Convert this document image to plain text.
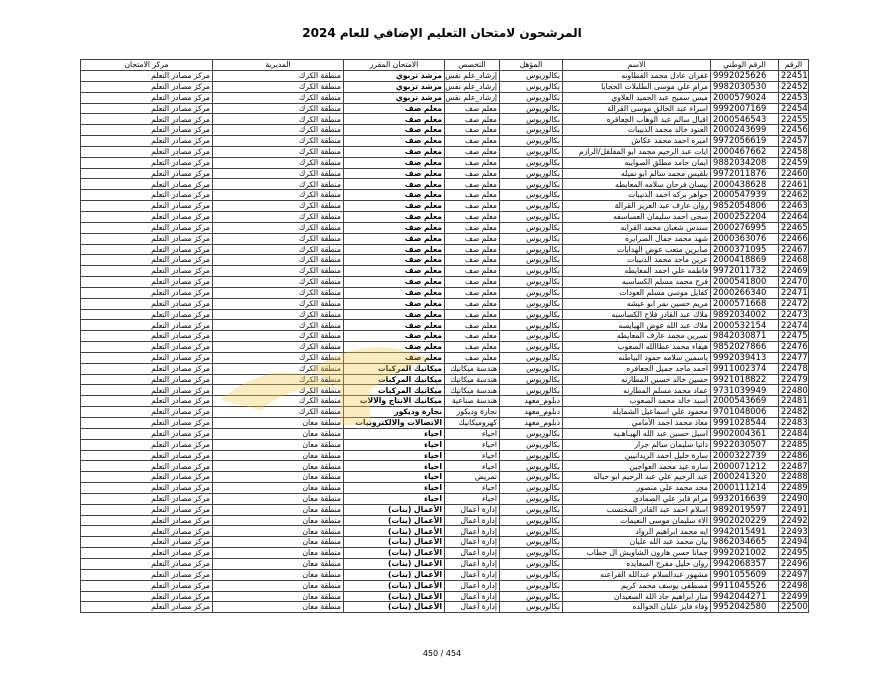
المرشحون لامتحان التعليم الإضافي للعام 2024
الرقم	الرقم الوطني	الاسم	المؤهل	التخصص	الامتحان المقرر	المديرية	مركز الامتحان
22451	9992025626	غفران عادل محمد القطاونه	بكالوريوس	إرشاد_علم نفس	مرشد تربوي	منطقة الكرك	مركز مصادر التعلم
22452	9982030530	مرام علي موسى الطلبلات الحجايا	بكالوريوس	إرشاد_علم نفس	مرشد تربوي	منطقة الكرك	مركز مصادر التعلم
22453	2000579024	ميس سميح عبد الحميد العلاوي	بكالوريوس	إرشاد_علم نفس	مرشد تربوي	منطقة الكرك	مركز مصادر التعلم
22454	9992007169	اسراء عبد الخالق موسى القرالة	بكالوريوس	معلم صف	معلم صف	منطقة الكرك	مركز مصادر التعلم
22455	2000546543	اقبال سالم عبد الوهاب الجعافره	بكالوريوس	معلم صف	معلم صف	منطقة الكرك	مركز مصادر التعلم
22456	2000243699	العنود خالد محمد الذنيبات	بكالوريوس	معلم صف	معلم صف	منطقة الكرك	مركز مصادر التعلم
22457	9972056619	اميره احمد محمد عكاش	بكالوريوس	معلم صف	معلم صف	منطقة الكرك	مركز مصادر التعلم
22458	2000467662	ايات عبد الرحيم محمد ابو المفلقل/الرازم	بكالوريوس	معلم صف	معلم صف	منطقة الكرك	مركز مصادر التعلم
22459	9882034208	ايمان حامد مطلق الصوايبه	بكالوريوس	معلم صف	معلم صف	منطقة الكرك	مركز مصادر التعلم
22460	9972011876	بلقيس محمد سالم ابو نميله	بكالوريوس	معلم صف	معلم صف	منطقة الكرك	مركز مصادر التعلم
22461	2000438628	بيسان فرحان سلامه المعايطه	بكالوريوس	معلم صف	معلم صف	منطقة الكرك	مركز مصادر التعلم
22462	2000547939	جواهر بركه احمد الذنيبات	بكالوريوس	معلم صف	معلم صف	منطقة الكرك	مركز مصادر التعلم
22463	9852054806	روان عارف عبد العزيز القرالة	بكالوريوس	معلم صف	معلم صف	منطقة الكرك	مركز مصادر التعلم
22464	2000252204	سجى احمد سليمان العساسفه	بكالوريوس	معلم صف	معلم صف	منطقة الكرك	مركز مصادر التعلم
22465	2000276995	سندس شعبان محمد القرايه	بكالوريوس	معلم صف	معلم صف	منطقة الكرك	مركز مصادر التعلم
22466	2000363076	شهد محمد جمال الصرايره	بكالوريوس	معلم صف	معلم صف	منطقة الكرك	مركز مصادر التعلم
22467	2000371095	صابرين متعب عوض الهدايات	بكالوريوس	معلم صف	معلم صف	منطقة الكرك	مركز مصادر التعلم
22468	2000418869	عرين ماجد محمد الذنيبات	بكالوريوس	معلم صف	معلم صف	منطقة الكرك	مركز مصادر التعلم
22469	9972011732	فاطمه علي احمد المعايطه	بكالوريوس	معلم صف	معلم صف	منطقة الكرك	مركز مصادر التعلم
22470	2000541800	فرح محمد مسلم الكساسبه	بكالوريوس	معلم صف	معلم صف	منطقة الكرك	مركز مصادر التعلم
22471	2000266340	كفايل موسى مسلم العودات	بكالوريوس	معلم صف	معلم صف	منطقة الكرك	مركز مصادر التعلم
22472	2000571668	مريم حسين نمر ابو عيشه	بكالوريوس	معلم صف	معلم صف	منطقة الكرك	مركز مصادر التعلم
22473	9892034002	ملاك عبد القادر فلاح الكساسبه	بكالوريوس	معلم صف	معلم صف	منطقة الكرك	مركز مصادر التعلم
22474	2000532154	ملاك عبد الله عوض الهيايسه	بكالوريوس	معلم صف	معلم صف	منطقة الكرك	مركز مصادر التعلم
22475	9842030871	نسرين محمد عارف المعايطه	بكالوريوس	معلم صف	معلم صف	منطقة الكرك	مركز مصادر التعلم
22476	9852027866	هيفاء محمد عطاالله الصعوب	بكالوريوس	معلم صف	معلم صف	منطقة الكرك	مركز مصادر التعلم
22477	9992039413	ياسمين سلامه حمود البياطنه	بكالوريوس	معلم صف	معلم صف	منطقة الكرك	مركز مصادر التعلم
22478	9911002374	احمد ماجد جميل الجعافره	بكالوريوس	هندسة ميكانيك	ميكانيك المركبات	منطقة الكرك	مركز مصادر التعلم
22479	9921018822	حسين خالد حسين المطارنه	بكالوريوس	هندسة ميكانيك	ميكانيك المركبات	منطقة الكرك	مركز مصادر التعلم
22480	9731039949	عماد محمد مسلم المطارنه	بكالوريوس	هندسة ميكانيك	ميكانيك المركبات	منطقة الكرك	مركز مصادر التعلم
22481	2000543669	أسيد خالد محمد الصعوب	دبلوم_معهد	هندسة صناعية	ميكانيك الانتاج والالات	منطقة الكرك	مركز مصادر التعلم
22482	9701048006	محمود علي اسماعيل الشمايله	دبلوم_معهد	تجارة وديكور	نجارة وديكور	منطقة الكرك	مركز مصادر التعلم
22483	9991028544	معاذ محمد احمد الأمامي	دبلوم_معهد	كهروميكانيك	الاتصالات والالكترونيات	منطقة معان	مركز مصادر التعلم
22484	9902004361	اسيل حسين عبد الله الهيـاهـيه	بكالوريوس	احياء	احياء	منطقة معان	مركز مصادر التعلم
22485	9922030507	دانيا سليمان سالم جرار	بكالوريوس	احياء	احياء	منطقة معان	مركز مصادر التعلم
22486	2000322739	سارة خليل احمد الزيدانيين	بكالوريوس	احياء	احياء	منطقة معان	مركز مصادر التعلم
22487	2000071212	ساره عيد محمد العواجين	بكالوريوس	احياء	احياء	منطقة معان	مركز مصادر التعلم
22488	2000241320	عبد الرحيم علي عبد الرحيم ابو حياله	بكالوريوس	تمريض	احياء	منطقة معان	مركز مصادر التعلم
22489	2000111214	مجد محمد علي منصور	بكالوريوس	احياء	احياء	منطقة معان	مركز مصادر التعلم
22490	9932016639	مرام فايز علي الصمادي	بكالوريوس	احياء	احياء	منطقة معان	مركز مصادر التعلم
22491	9892019597	اسلام احمد عبد القادر المحتسب	بكالوريوس	إدارة أعمال	الأعمال (بنات)	منطقة معان	مركز مصادر التعلم
22492	9902020229	الاء سليمان موسى النعيمات	بكالوريوس	إدارة أعمال	الأعمال (بنات)	منطقة معان	مركز مصادر التعلم
22493	9942015491	ايه محمد ابراهيم الرواد	بكالوريوس	إدارة أعمال	الأعمال (بنات)	منطقة معان	مركز مصادر التعلم
22494	9862034665	بيان محمد عبد الله عليان	بكالوريوس	إدارة أعمال	الأعمال (بنات)	منطقة معان	مركز مصادر التعلم
22495	9992021002	جمانا حسن هارون الشاويش ال خطاب	بكالوريوس	إدارة أعمال	الأعمال (بنات)	منطقة معان	مركز مصادر التعلم
22496	9942068357	روان خليل مفرح السعايده	بكالوريوس	إدارة أعمال	الأعمال (بنات)	منطقة معان	مركز مصادر التعلم
22497	9901055609	مشهور عبدالسلام عبدالله القراعنه	بكالوريوس	إدارة أعمال	الأعمال (بنات)	منطقة معان	مركز مصادر التعلم
22498	9911045526	مصطفى يوسف محمد كريم	بكالوريوس	إدارة أعمال	الأعمال (بنات)	منطقة معان	مركز مصادر التعلم
22499	9942044271	منار ابراهيم جاد الله السعيدان	بكالوريوس	إدارة أعمال	الأعمال (بنات)	منطقة معان	مركز مصادر التعلم
22500	9952042580	وفاء فايز عليان الخوالده	بكالوريوس	إدارة أعمال	الأعمال (بنات)	منطقة معان	مركز مصادر التعلم
450 / 454
